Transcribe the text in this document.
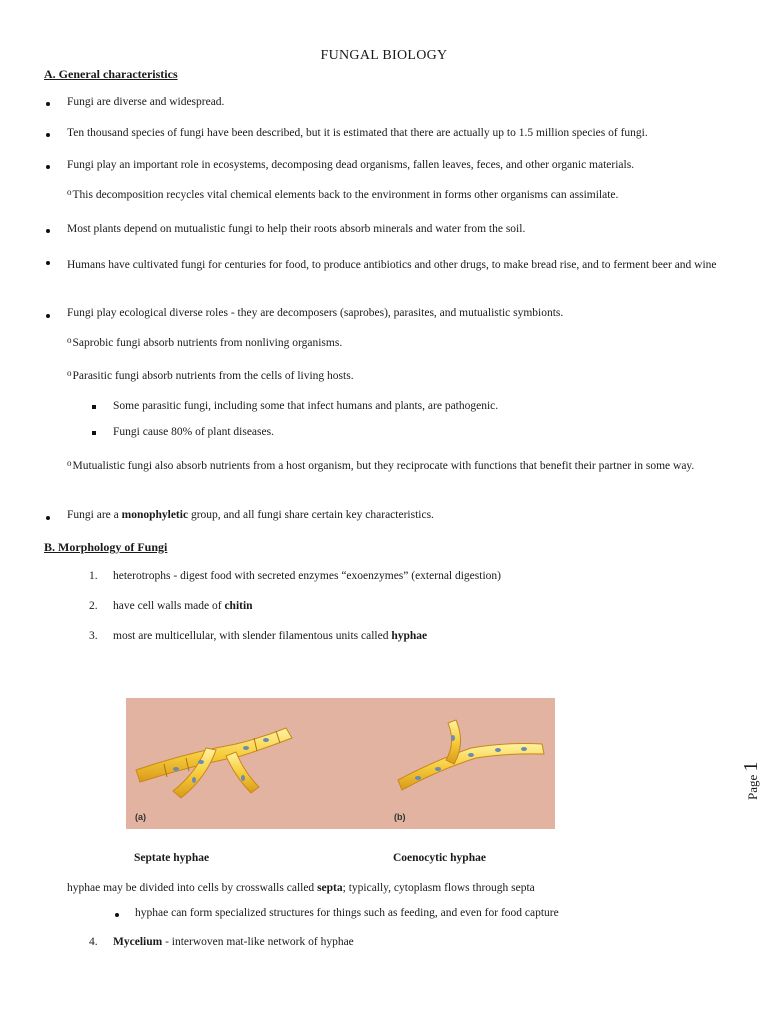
FUNGAL BIOLOGY
A. General characteristics
Fungi are diverse and widespread.
Ten thousand species of fungi have been described, but it is estimated that there are actually up to 1.5 million species of fungi.
Fungi play an important role in ecosystems, decomposing dead organisms, fallen leaves, feces, and other organic materials.
$^o$This decomposition recycles vital chemical elements back to the environment in forms other organisms can assimilate.
Most plants depend on mutualistic fungi to help their roots absorb minerals and water from the soil.
Humans have cultivated fungi for centuries for food, to produce antibiotics and other drugs, to make bread rise, and to ferment beer and wine
Fungi play ecological diverse roles - they are decomposers (saprobes), parasites, and mutualistic symbionts.
$^o$Saprobic fungi absorb nutrients from nonliving organisms.
$^o$Parasitic fungi absorb nutrients from the cells of living hosts.
Some parasitic fungi, including some that infect humans and plants, are pathogenic.
Fungi cause 80% of plant diseases.
$^o$Mutualistic fungi also absorb nutrients from a host organism, but they reciprocate with functions that benefit their partner in some way.
Fungi are a monophyletic group, and all fungi share certain key characteristics.
B. Morphology of Fungi
1. heterotrophs - digest food with secreted enzymes “exoenzymes” (external digestion)
2. have cell walls made of chitin
3. most are multicellular, with slender filamentous units called hyphae
(a)	(b)
Septate hyphae	Coenocytic hyphae
hyphae may be divided into cells by crosswalls called septa; typically, cytoplasm flows through septa
hyphae can form specialized structures for things such as feeding, and even for food capture
4. Mycelium - interwoven mat-like network of hyphae
Page 1
